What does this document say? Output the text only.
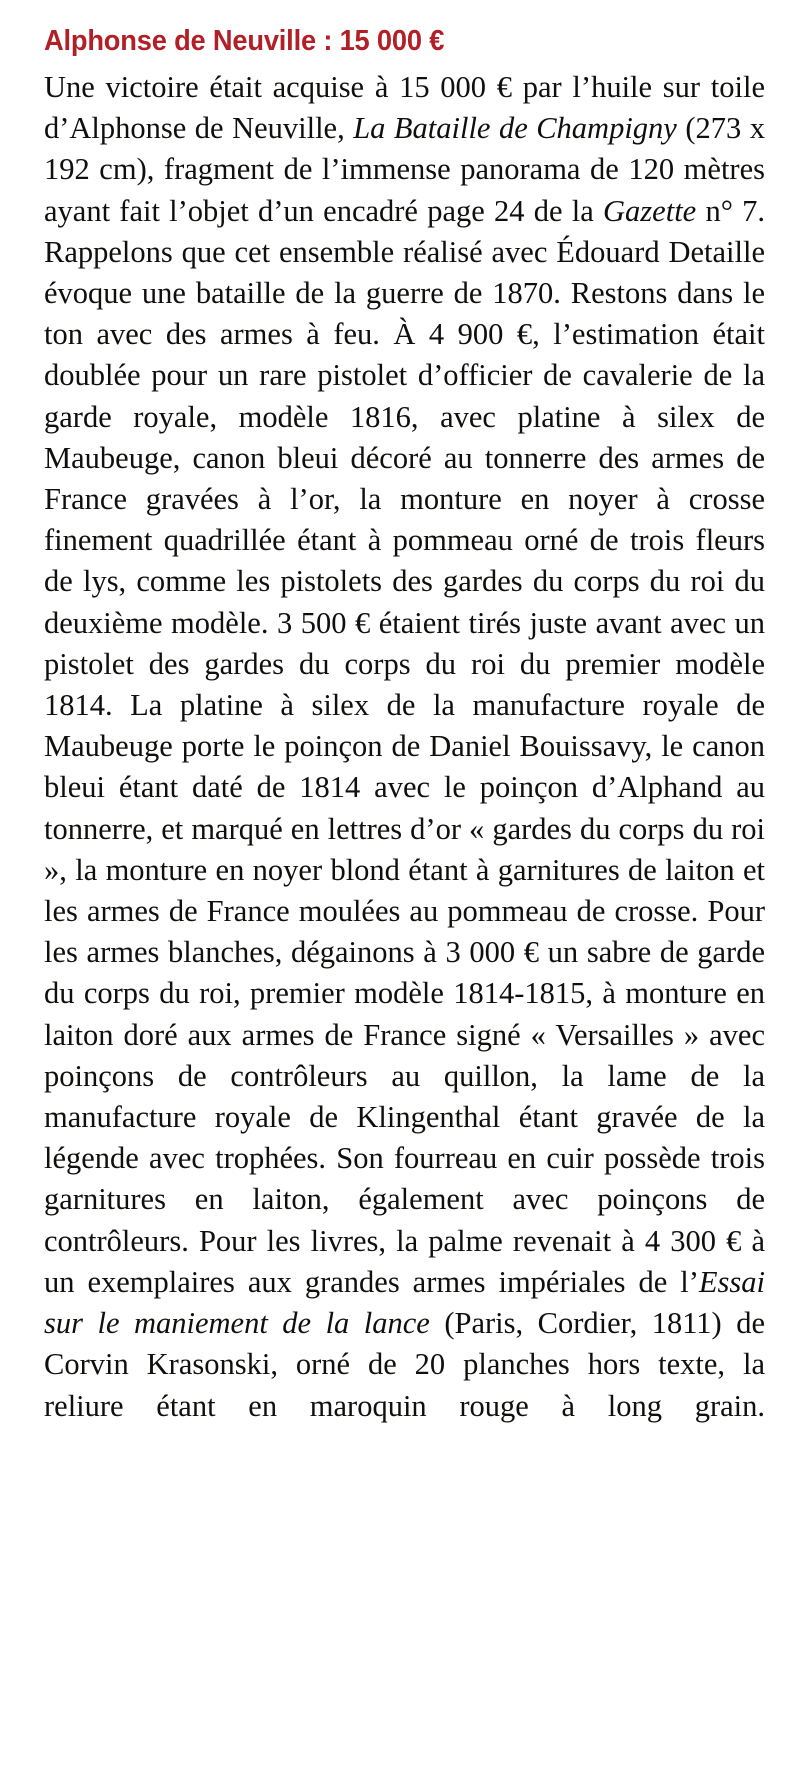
Alphonse de Neuville : 15 000 €

Une victoire était acquise à 15 000 € par l’huile sur toile d’Alphonse de Neuville, La Bataille de Champigny (273 x 192 cm), fragment de l’immense panorama de 120 mètres ayant fait l’objet d’un encadré page 24 de la Gazette n° 7. Rappelons que cet ensemble réalisé avec Édouard Detaille évoque une bataille de la guerre de 1870. Restons dans le ton avec des armes à feu. À 4 900 €, l’estimation était doublée pour un rare pistolet d’officier de cavalerie de la garde royale, modèle 1816, avec platine à silex de Maubeuge, canon bleui décoré au tonnerre des armes de France gravées à l’or, la monture en noyer à crosse finement quadrillée étant à pommeau orné de trois fleurs de lys, comme les pistolets des gardes du corps du roi du deuxième modèle. 3 500 € étaient tirés juste avant avec un pistolet des gardes du corps du roi du premier modèle 1814. La platine à silex de la manufacture royale de Maubeuge porte le poinçon de Daniel Bouissavy, le canon bleui étant daté de 1814 avec le poinçon d’Alphand au tonnerre, et marqué en lettres d’or « gardes du corps du roi », la monture en noyer blond étant à garnitures de laiton et les armes de France moulées au pommeau de crosse. Pour les armes blanches, dégainons à 3 000 € un sabre de garde du corps du roi, premier modèle 1814-1815, à monture en laiton doré aux armes de France signé « Versailles » avec poinçons de contrôleurs au quillon, la lame de la manufacture royale de Klingenthal étant gravée de la légende avec trophées. Son fourreau en cuir possède trois garnitures en laiton, également avec poinçons de contrôleurs. Pour les livres, la palme revenait à 4 300 € à un exemplaires aux grandes armes impériales de l’Essai sur le maniement de la lance (Paris, Cordier, 1811) de Corvin Krasonski, orné de 20 planches hors texte, la reliure étant en maroquin rouge à long grain.
